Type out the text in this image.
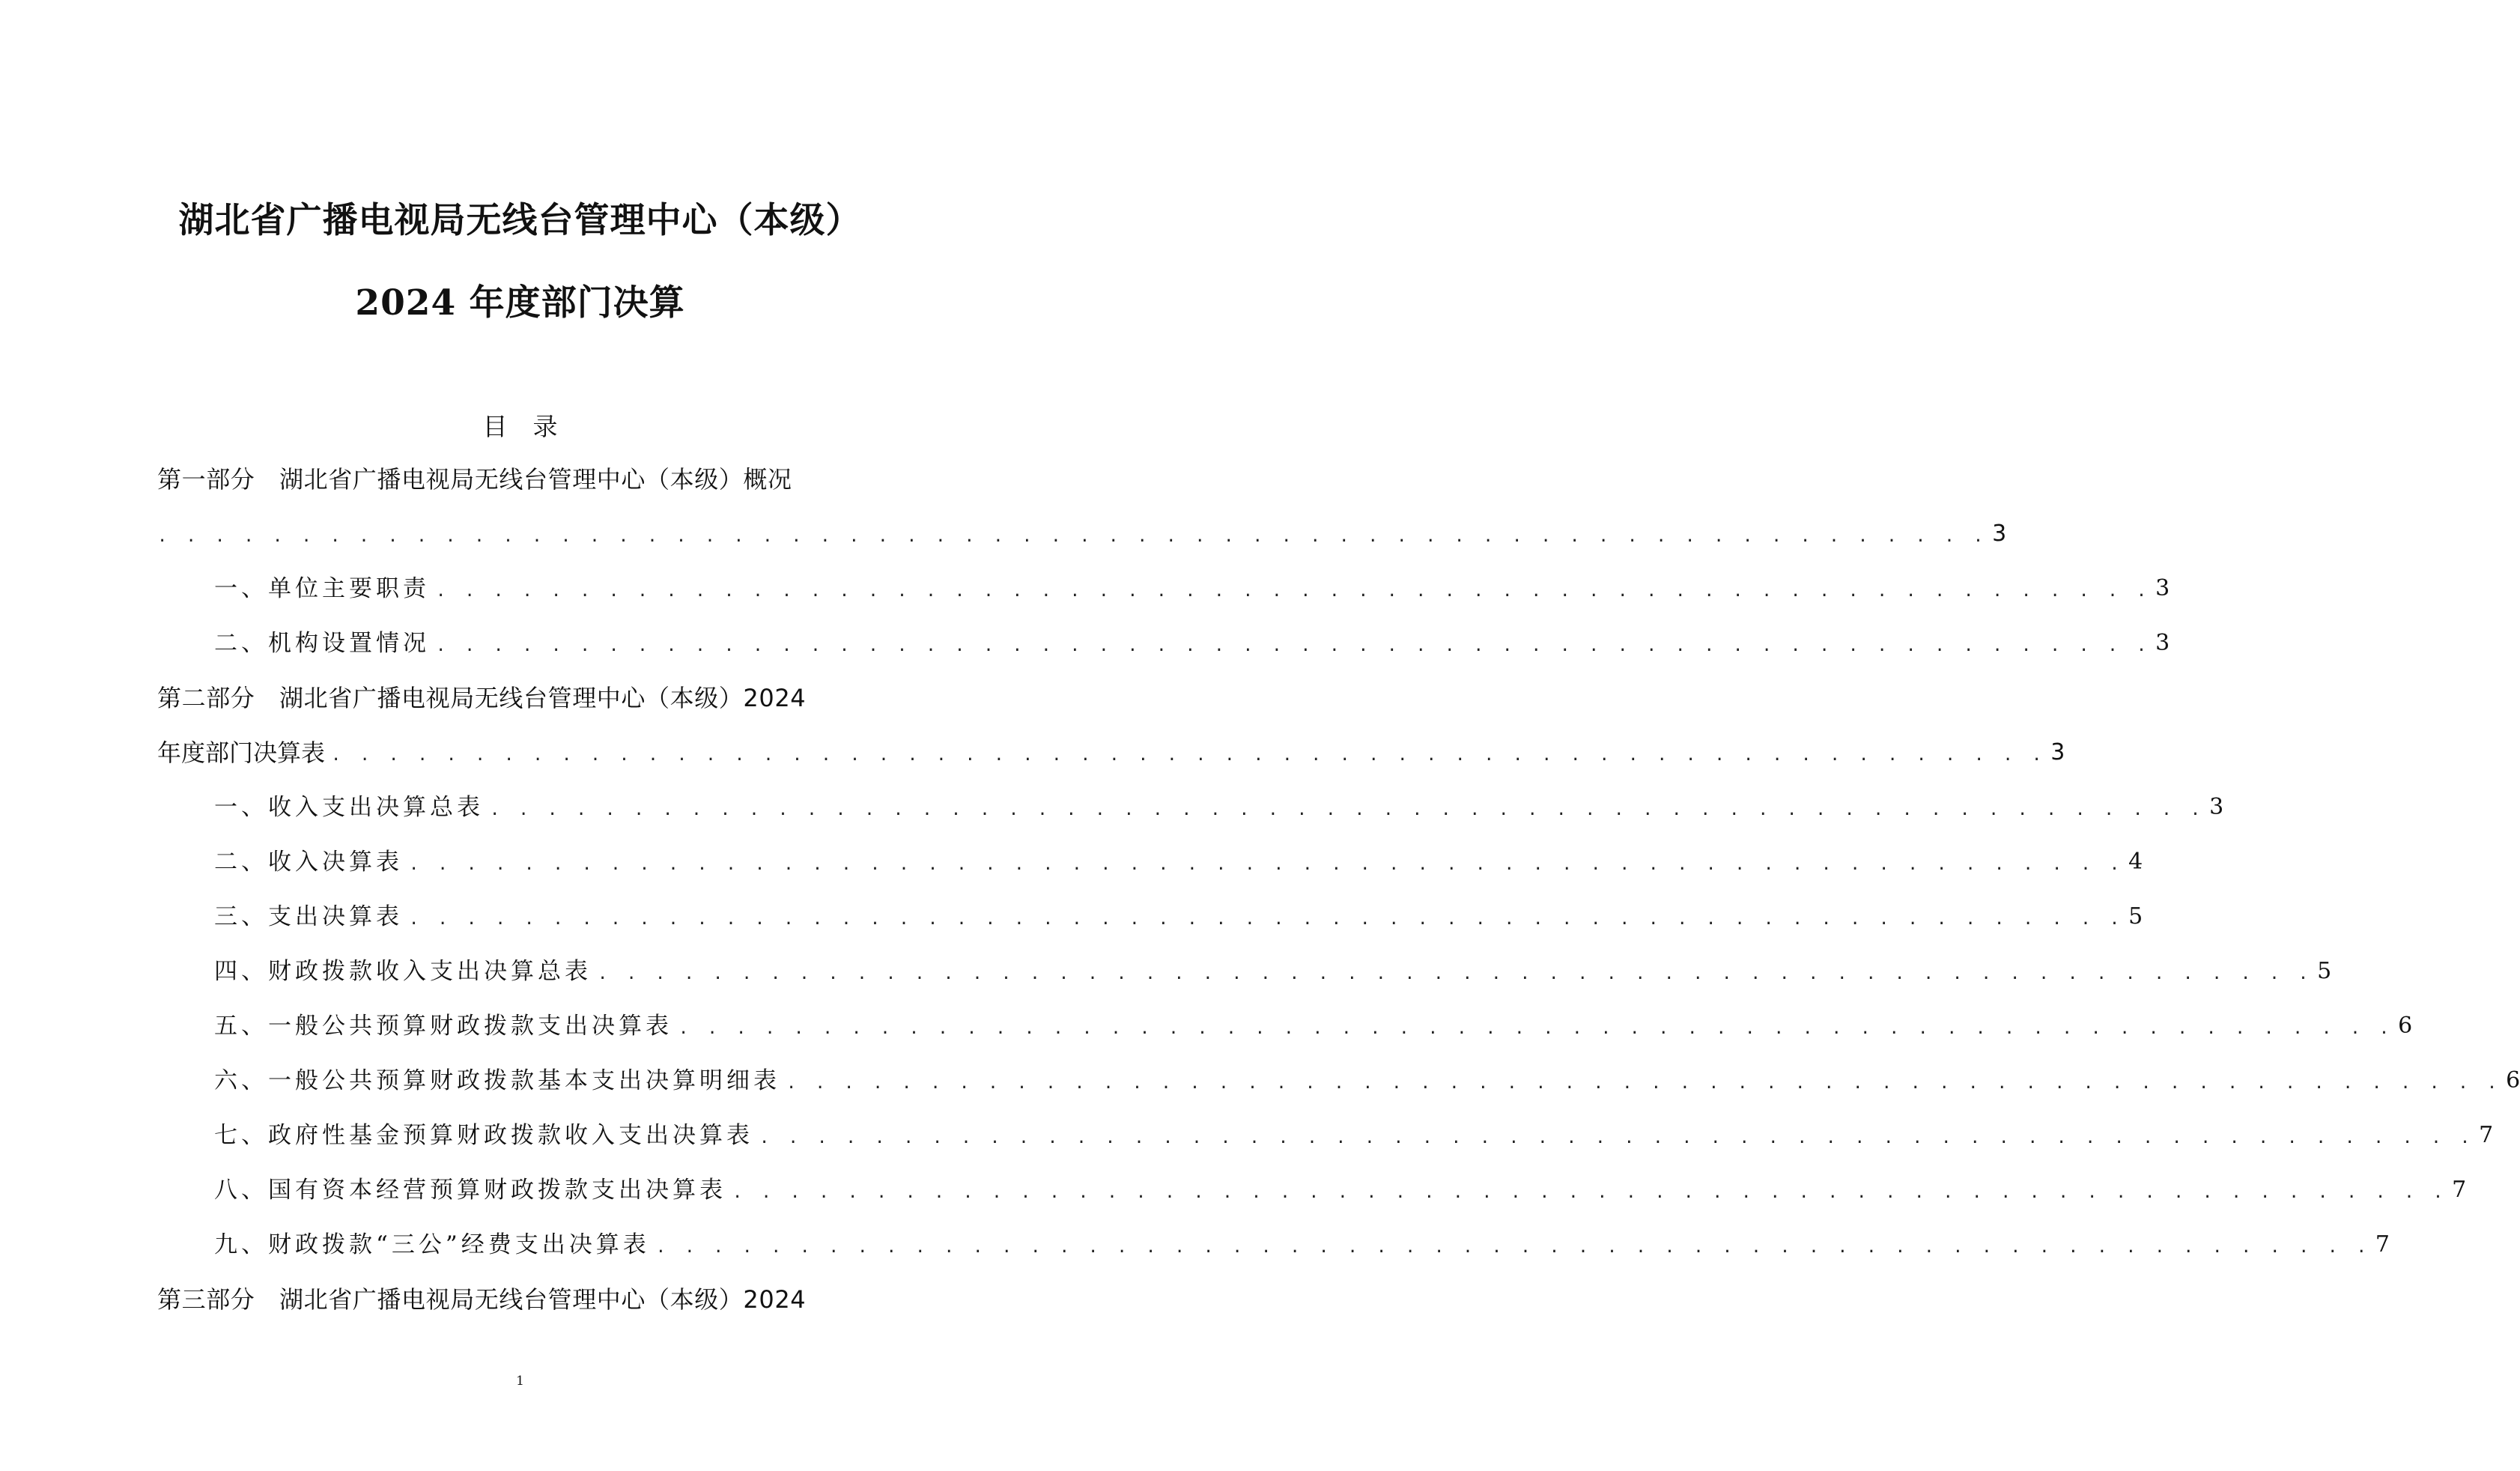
湖北省广播电视局无线台管理中心（本级）
2024 年度部门决算
目录
第一部分　湖北省广播电视局无线台管理中心（本级）概况
. . . . . . . . . . . . . . . . . . . . . . . . . . . . . . . . . . . . . . . . . . . . . . . . . . . . . . . . . . . . . . . . 3
一、单位主要职责 . . . . . . . . . . . . . . . . . . . . . . . . . . . . . . . . . . . . . . . . . . . . . . . . . . . . . . . . . . . . 3
二、机构设置情况 . . . . . . . . . . . . . . . . . . . . . . . . . . . . . . . . . . . . . . . . . . . . . . . . . . . . . . . . . . . . 3
第二部分　湖北省广播电视局无线台管理中心（本级）2024
年度部门决算表 . . . . . . . . . . . . . . . . . . . . . . . . . . . . . . . . . . . . . . . . . . . . . . . . . . . . . . . . . . . . 3
一、收入支出决算总表 . . . . . . . . . . . . . . . . . . . . . . . . . . . . . . . . . . . . . . . . . . . . . . . . . . . . . . . . . . . . 3
二、收入决算表 . . . . . . . . . . . . . . . . . . . . . . . . . . . . . . . . . . . . . . . . . . . . . . . . . . . . . . . . . . . . 4
三、支出决算表 . . . . . . . . . . . . . . . . . . . . . . . . . . . . . . . . . . . . . . . . . . . . . . . . . . . . . . . . . . . . 5
四、财政拨款收入支出决算总表 . . . . . . . . . . . . . . . . . . . . . . . . . . . . . . . . . . . . . . . . . . . . . . . . . . . . . . . . . . . . 5
五、一般公共预算财政拨款支出决算表 . . . . . . . . . . . . . . . . . . . . . . . . . . . . . . . . . . . . . . . . . . . . . . . . . . . . . . . . . . . . 6
六、一般公共预算财政拨款基本支出决算明细表 . . . . . . . . . . . . . . . . . . . . . . . . . . . . . . . . . . . . . . . . . . . . . . . . . . . . . . . . . . . . 6
七、政府性基金预算财政拨款收入支出决算表 . . . . . . . . . . . . . . . . . . . . . . . . . . . . . . . . . . . . . . . . . . . . . . . . . . . . . . . . . . . . 7
八、国有资本经营预算财政拨款支出决算表 . . . . . . . . . . . . . . . . . . . . . . . . . . . . . . . . . . . . . . . . . . . . . . . . . . . . . . . . . . . . 7
九、财政拨款“三公”经费支出决算表 . . . . . . . . . . . . . . . . . . . . . . . . . . . . . . . . . . . . . . . . . . . . . . . . . . . . . . . . . . . . 7
第三部分　湖北省广播电视局无线台管理中心（本级）2024
1
